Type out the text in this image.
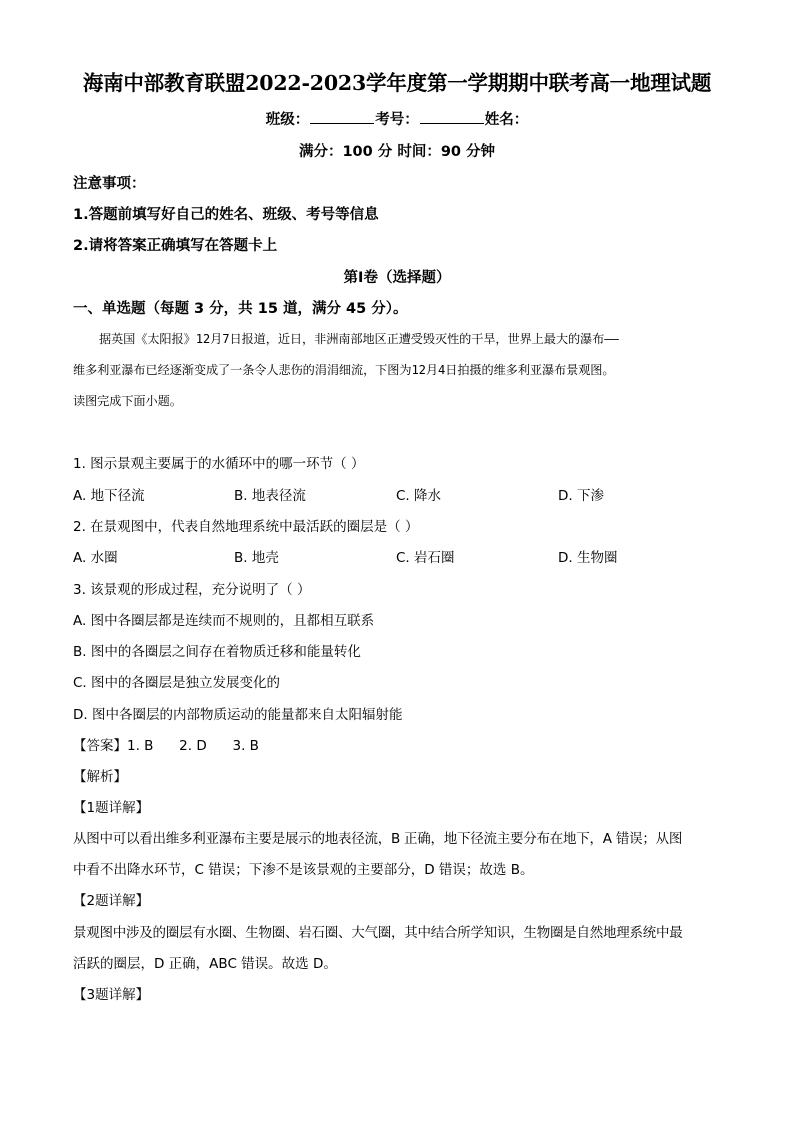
海南中部教育联盟2022-2023学年度第一学期期中联考高一地理试题
班级：	考号：	姓名：
满分：100 分 时间：90 分钟
注意事项：
1.答题前填写好自己的姓名、班级、考号等信息
2.请将答案正确填写在答题卡上
第Ⅰ卷（选择题）
一、单选题（每题 3 分，共 15 道，满分 45 分）。
据英国《太阳报》12月7日报道，近日，非洲南部地区正遭受毁灭性的干旱，世界上最大的瀑布——
维多利亚瀑布已经逐渐变成了一条令人悲伤的涓涓细流，下图为12月4日拍摄的维多利亚瀑布景观图。
读图完成下面小题。
1. 图示景观主要属于的水循环中的哪一环节（ ）
A. 地下径流	B. 地表径流	C. 降水	D. 下渗
2. 在景观图中，代表自然地理系统中最活跃的圈层是（ ）
A. 水圈	B. 地壳	C. 岩石圈	D. 生物圈
3. 该景观的形成过程，充分说明了（ ）
A. 图中各圈层都是连续而不规则的，且都相互联系
B. 图中的各圈层之间存在着物质迁移和能量转化
C. 图中的各圈层是独立发展变化的
D. 图中各圈层的内部物质运动的能量都来自太阳辐射能
【答案】1. B      2. D      3. B
【解析】
【1题详解】
从图中可以看出维多利亚瀑布主要是展示的地表径流，B 正确，地下径流主要分布在地下，A 错误；从图
中看不出降水环节，C 错误；下渗不是该景观的主要部分，D 错误；故选 B。
【2题详解】
景观图中涉及的圈层有水圈、生物圈、岩石圈、大气圈，其中结合所学知识，生物圈是自然地理系统中最
活跃的圈层，D 正确，ABC 错误。故选 D。
【3题详解】
